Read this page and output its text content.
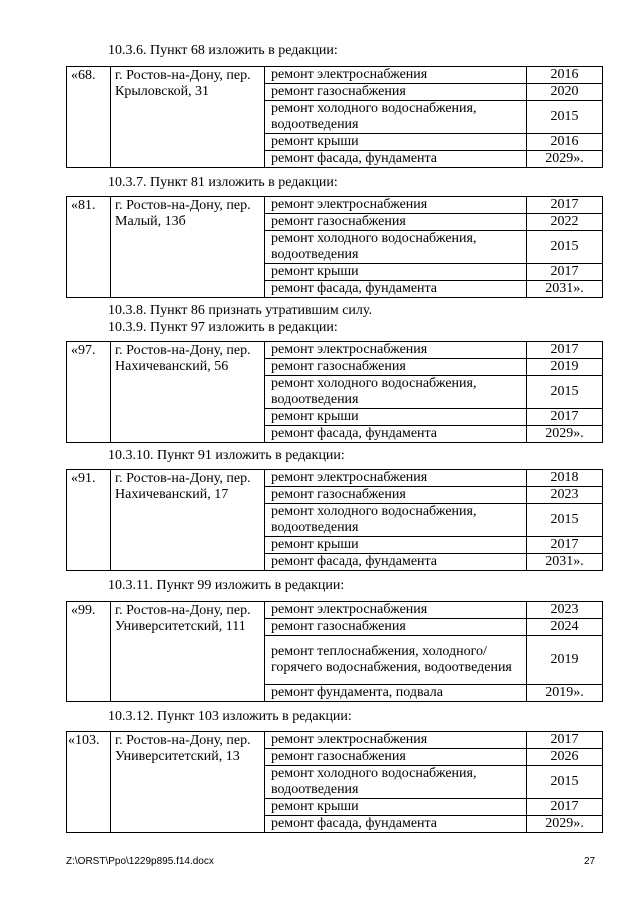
10.3.6. Пункт 68 изложить в редакции:
«68.	г. Ростов-на-Дону, пер. Крыловской, 31	ремонт электроснабжения	2016
		ремонт газоснабжения	2020
		ремонт холодного водоснабжения, водоотведения	2015
		ремонт крыши	2016
		ремонт фасада, фундамента	2029».
10.3.7. Пункт 81 изложить в редакции:
«81.	г. Ростов-на-Дону, пер. Малый, 13б	ремонт электроснабжения	2017
		ремонт газоснабжения	2022
		ремонт холодного водоснабжения, водоотведения	2015
		ремонт крыши	2017
		ремонт фасада, фундамента	2031».
10.3.8. Пункт 86 признать утратившим силу.
10.3.9. Пункт 97 изложить в редакции:
«97.	г. Ростов-на-Дону, пер. Нахичеванский, 56	ремонт электроснабжения	2017
		ремонт газоснабжения	2019
		ремонт холодного водоснабжения, водоотведения	2015
		ремонт крыши	2017
		ремонт фасада, фундамента	2029».
10.3.10. Пункт 91 изложить в редакции:
«91.	г. Ростов-на-Дону, пер. Нахичеванский, 17	ремонт электроснабжения	2018
		ремонт газоснабжения	2023
		ремонт холодного водоснабжения, водоотведения	2015
		ремонт крыши	2017
		ремонт фасада, фундамента	2031».
10.3.11. Пункт 99 изложить в редакции:
«99.	г. Ростов-на-Дону, пер. Университетский, 111	ремонт электроснабжения	2023
		ремонт газоснабжения	2024
		ремонт теплоснабжения, холодного/горячего водоснабжения, водоотведения	2019
		ремонт фундамента, подвала	2019».
10.3.12. Пункт 103 изложить в редакции:
«103.	г. Ростов-на-Дону, пер. Университетский, 13	ремонт электроснабжения	2017
		ремонт газоснабжения	2026
		ремонт холодного водоснабжения, водоотведения	2015
		ремонт крыши	2017
		ремонт фасада, фундамента	2029».
Z:\ORST\Ppo\1229p895.f14.docx	27
